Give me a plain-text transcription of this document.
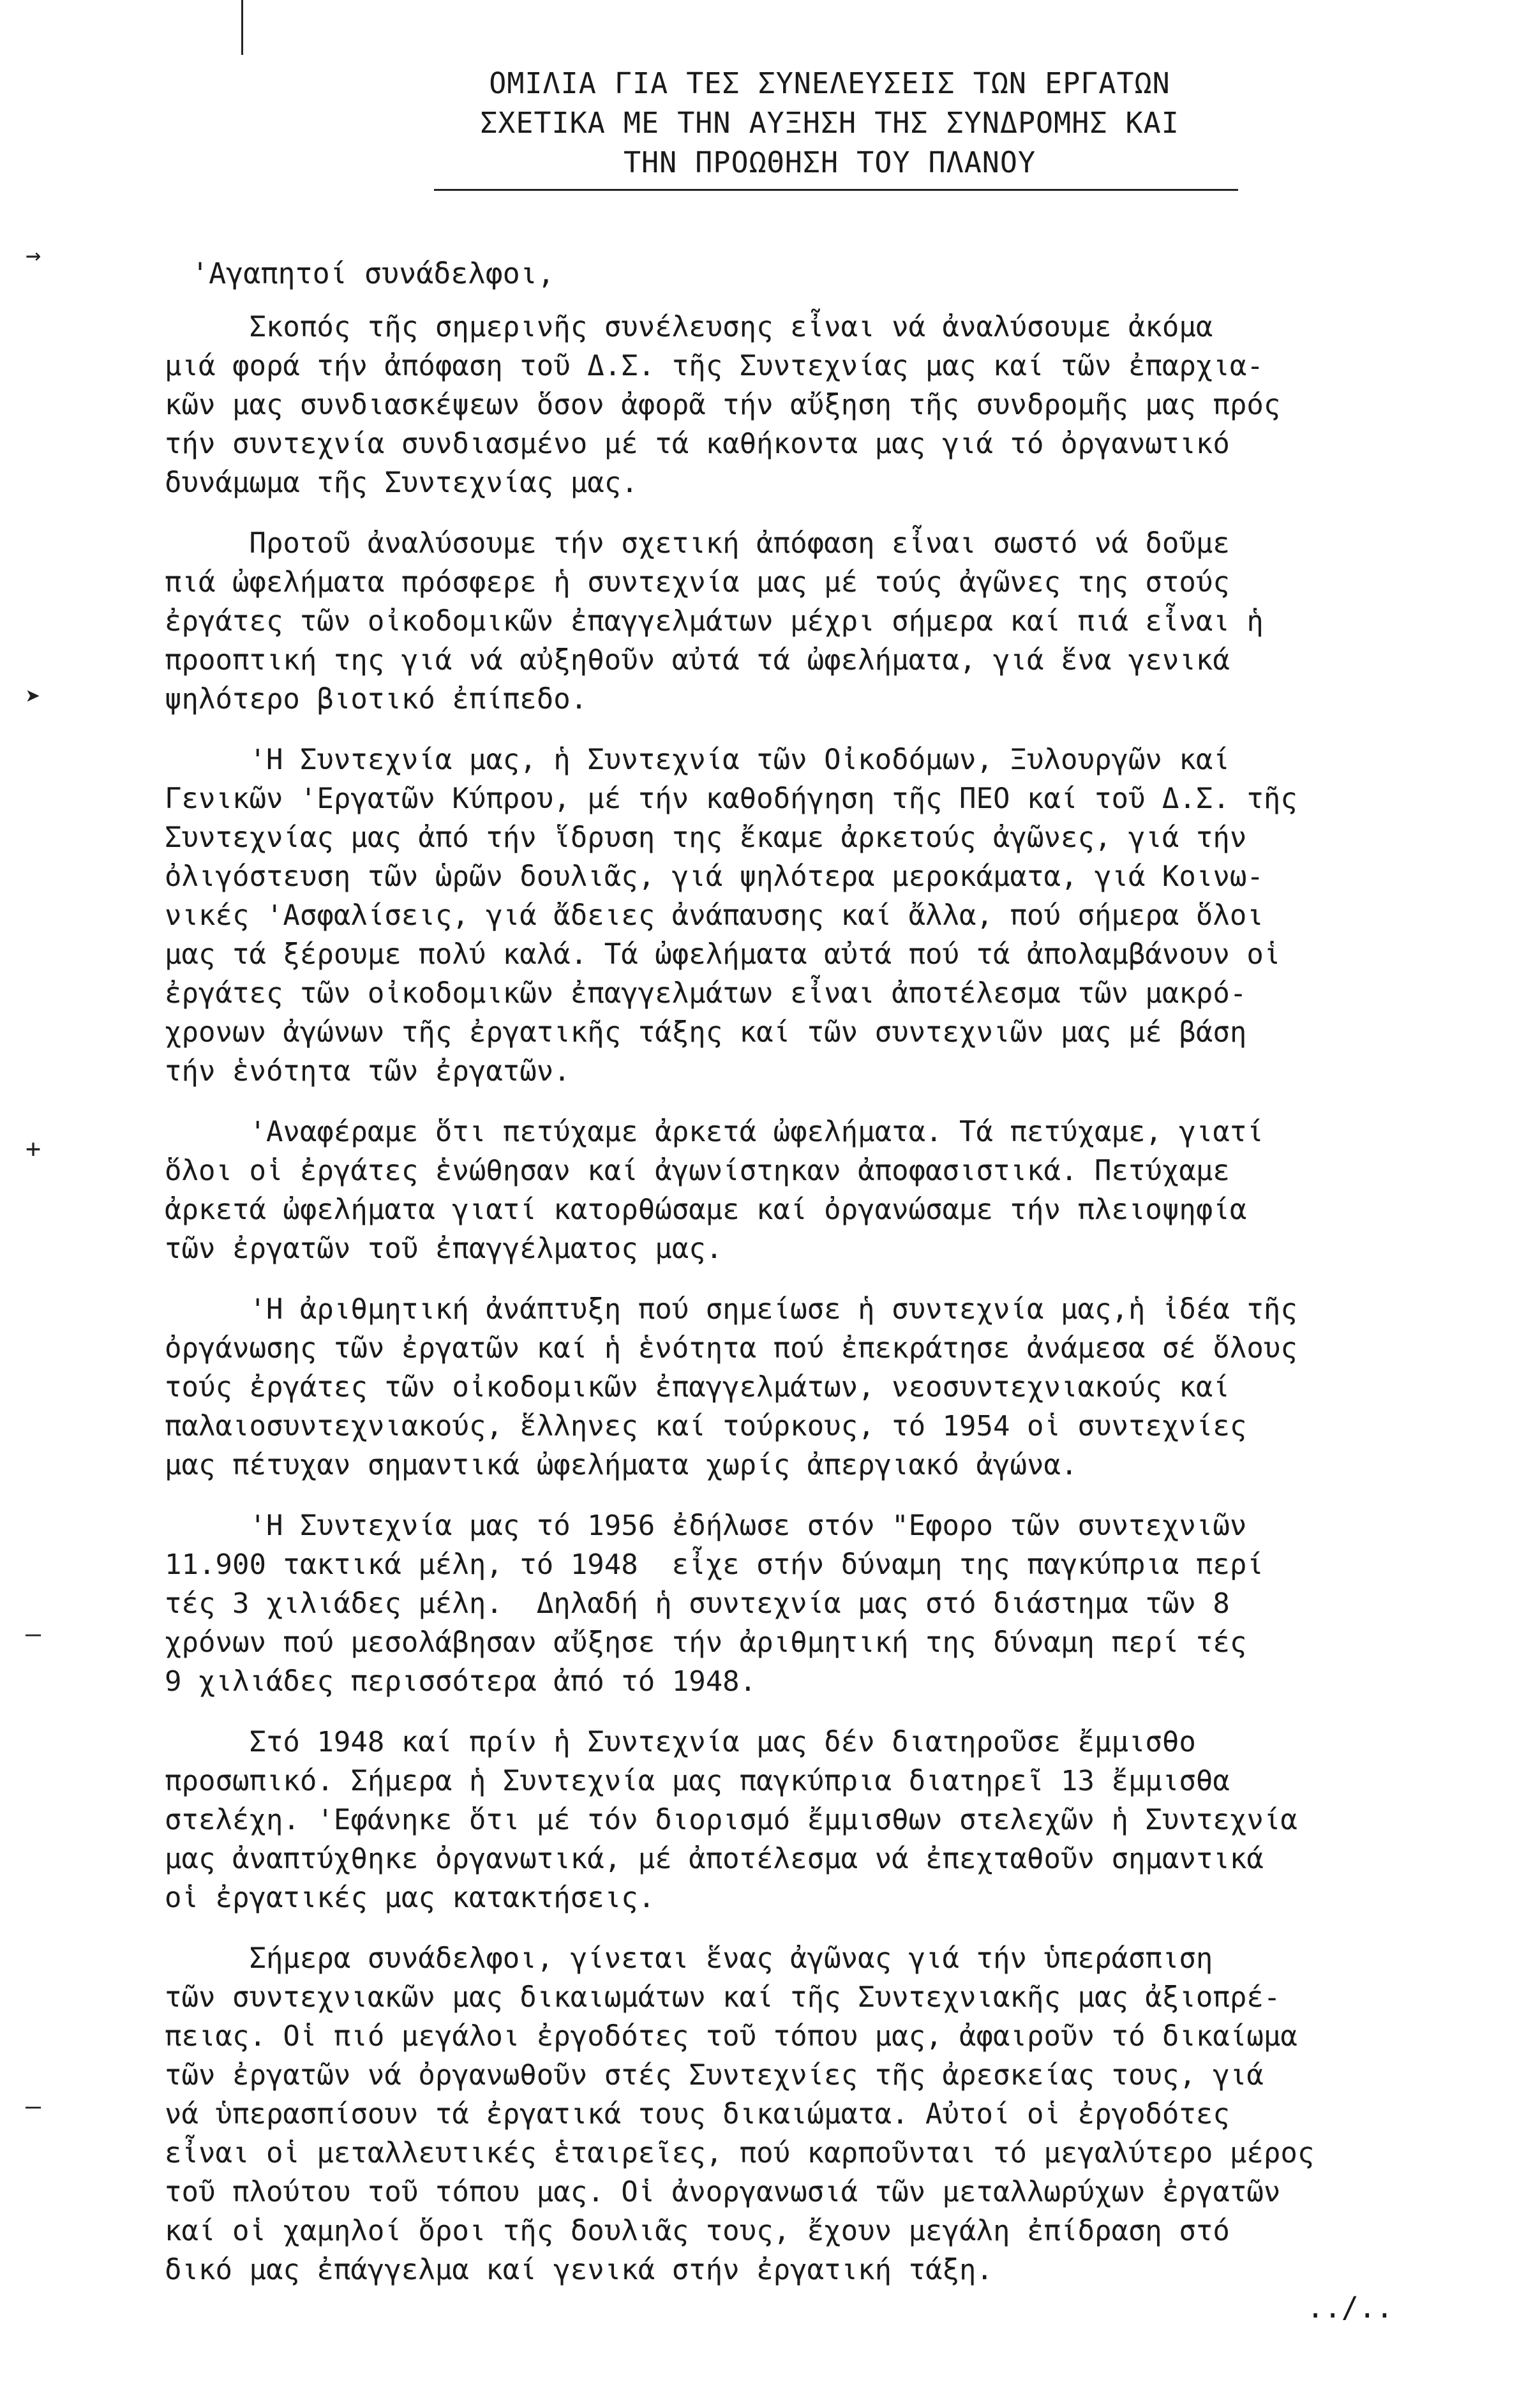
ΟΜΙΛΙΑ ΓΙΑ ΤΕΣ ΣΥΝΕΛΕΥΣΕΙΣ ΤΩΝ ΕΡΓΑΤΩΝ
ΣΧΕΤΙΚΑ ΜΕ ΤΗΝ ΑΥΞΗΣΗ ΤΗΣ ΣΥΝΔΡΟΜΗΣ ΚΑΙ
ΤΗΝ ΠΡΟΩΘΗΣΗ ΤΟΥ ΠΛΑΝΟΥ
→
➤
+
–
–
'Αγαπητοί συνάδελφοι,
Σκοπός τῆς σημερινῆς συνέλευσης εἶναι νά ἀναλύσουμε ἀκόμα
μιά φορά τήν ἀπόφαση τοῦ Δ.Σ. τῆς Συντεχνίας μας καί τῶν ἐπαρχια-
κῶν μας συνδιασκέψεων ὅσον ἀφορᾶ τήν αὔξηση τῆς συνδρομῆς μας πρός
τήν συντεχνία συνδιασμένο μέ τά καθήκοντα μας γιά τό ὀργανωτικό
δυνάμωμα τῆς Συντεχνίας μας.
Προτοῦ ἀναλύσουμε τήν σχετική ἀπόφαση εἶναι σωστό νά δοῦμε
πιά ὠφελήματα πρόσφερε ἡ συντεχνία μας μέ τούς ἀγῶνες της στούς
ἐργάτες τῶν οἰκοδομικῶν ἐπαγγελμάτων μέχρι σήμερα καί πιά εἶναι ἡ
προοπτική της γιά νά αὐξηθοῦν αὐτά τά ὠφελήματα, γιά ἕνα γενικά
ψηλότερο βιοτικό ἐπίπεδο.
'Η Συντεχνία μας, ἡ Συντεχνία τῶν Οἰκοδόμων, Ξυλουργῶν καί
Γενικῶν 'Εργατῶν Κύπρου, μέ τήν καθοδήγηση τῆς ΠΕΟ καί τοῦ Δ.Σ. τῆς
Συντεχνίας μας ἀπό τήν ἵδρυση της ἔκαμε ἀρκετούς ἀγῶνες, γιά τήν
ὀλιγόστευση τῶν ὡρῶν δουλιᾶς, γιά ψηλότερα μεροκάματα, γιά Κοινω-
νικές 'Ασφαλίσεις, γιά ἄδειες ἀνάπαυσης καί ἄλλα, πού σήμερα ὅλοι
μας τά ξέρουμε πολύ καλά. Τά ὠφελήματα αὐτά πού τά ἀπολαμβάνουν οἱ
ἐργάτες τῶν οἰκοδομικῶν ἐπαγγελμάτων εἶναι ἀποτέλεσμα τῶν μακρό-
χρονων ἀγώνων τῆς ἐργατικῆς τάξης καί τῶν συντεχνιῶν μας μέ βάση
τήν ἑνότητα τῶν ἐργατῶν.
'Αναφέραμε ὅτι πετύχαμε ἀρκετά ὠφελήματα. Τά πετύχαμε, γιατί
ὅλοι οἱ ἐργάτες ἑνώθησαν καί ἀγωνίστηκαν ἀποφασιστικά. Πετύχαμε
ἀρκετά ὠφελήματα γιατί κατορθώσαμε καί ὀργανώσαμε τήν πλειοψηφία
τῶν ἐργατῶν τοῦ ἐπαγγέλματος μας.
'Η ἀριθμητική ἀνάπτυξη πού σημείωσε ἡ συντεχνία μας,ἡ ἰδέα τῆς
ὀργάνωσης τῶν ἐργατῶν καί ἡ ἑνότητα πού ἐπεκράτησε ἀνάμεσα σέ ὅλους
τούς ἐργάτες τῶν οἰκοδομικῶν ἐπαγγελμάτων, νεοσυντεχνιακούς καί
παλαιοσυντεχνιακούς, ἕλληνες καί τούρκους, τό 1954 οἱ συντεχνίες
μας πέτυχαν σημαντικά ὠφελήματα χωρίς ἀπεργιακό ἀγώνα.
'Η Συντεχνία μας τό 1956 ἐδήλωσε στόν "Εφορο τῶν συντεχνιῶν
11.900 τακτικά μέλη, τό 1948  εἶχε στήν δύναμη της παγκύπρια περί
τές 3 χιλιάδες μέλη.  Δηλαδή ἡ συντεχνία μας στό διάστημα τῶν 8
χρόνων πού μεσολάβησαν αὔξησε τήν ἀριθμητική της δύναμη περί τές
9 χιλιάδες περισσότερα ἀπό τό 1948.
Στό 1948 καί πρίν ἡ Συντεχνία μας δέν διατηροῦσε ἔμμισθο
προσωπικό. Σήμερα ἡ Συντεχνία μας παγκύπρια διατηρεῖ 13 ἔμμισθα
στελέχη. 'Εφάνηκε ὅτι μέ τόν διορισμό ἔμμισθων στελεχῶν ἡ Συντεχνία
μας ἀναπτύχθηκε ὀργανωτικά, μέ ἀποτέλεσμα νά ἐπεχταθοῦν σημαντικά
οἱ ἐργατικές μας κατακτήσεις.
Σήμερα συνάδελφοι, γίνεται ἕνας ἀγῶνας γιά τήν ὑπεράσπιση
τῶν συντεχνιακῶν μας δικαιωμάτων καί τῆς Συντεχνιακῆς μας ἀξιοπρέ-
πειας. Οἱ πιό μεγάλοι ἐργοδότες τοῦ τόπου μας, ἀφαιροῦν τό δικαίωμα
τῶν ἐργατῶν νά ὀργανωθοῦν στές Συντεχνίες τῆς ἀρεσκείας τους, γιά
νά ὑπερασπίσουν τά ἐργατικά τους δικαιώματα. Αὐτοί οἱ ἐργοδότες
εἶναι οἱ μεταλλευτικές ἑταιρεῖες, πού καρποῦνται τό μεγαλύτερο μέρος
τοῦ πλούτου τοῦ τόπου μας. Οἱ ἀνοργανωσιά τῶν μεταλλωρύχων ἐργατῶν
καί οἱ χαμηλοί ὅροι τῆς δουλιᾶς τους, ἔχουν μεγάλη ἐπίδραση στό
δικό μας ἐπάγγελμα καί γενικά στήν ἐργατική τάξη.
../..
